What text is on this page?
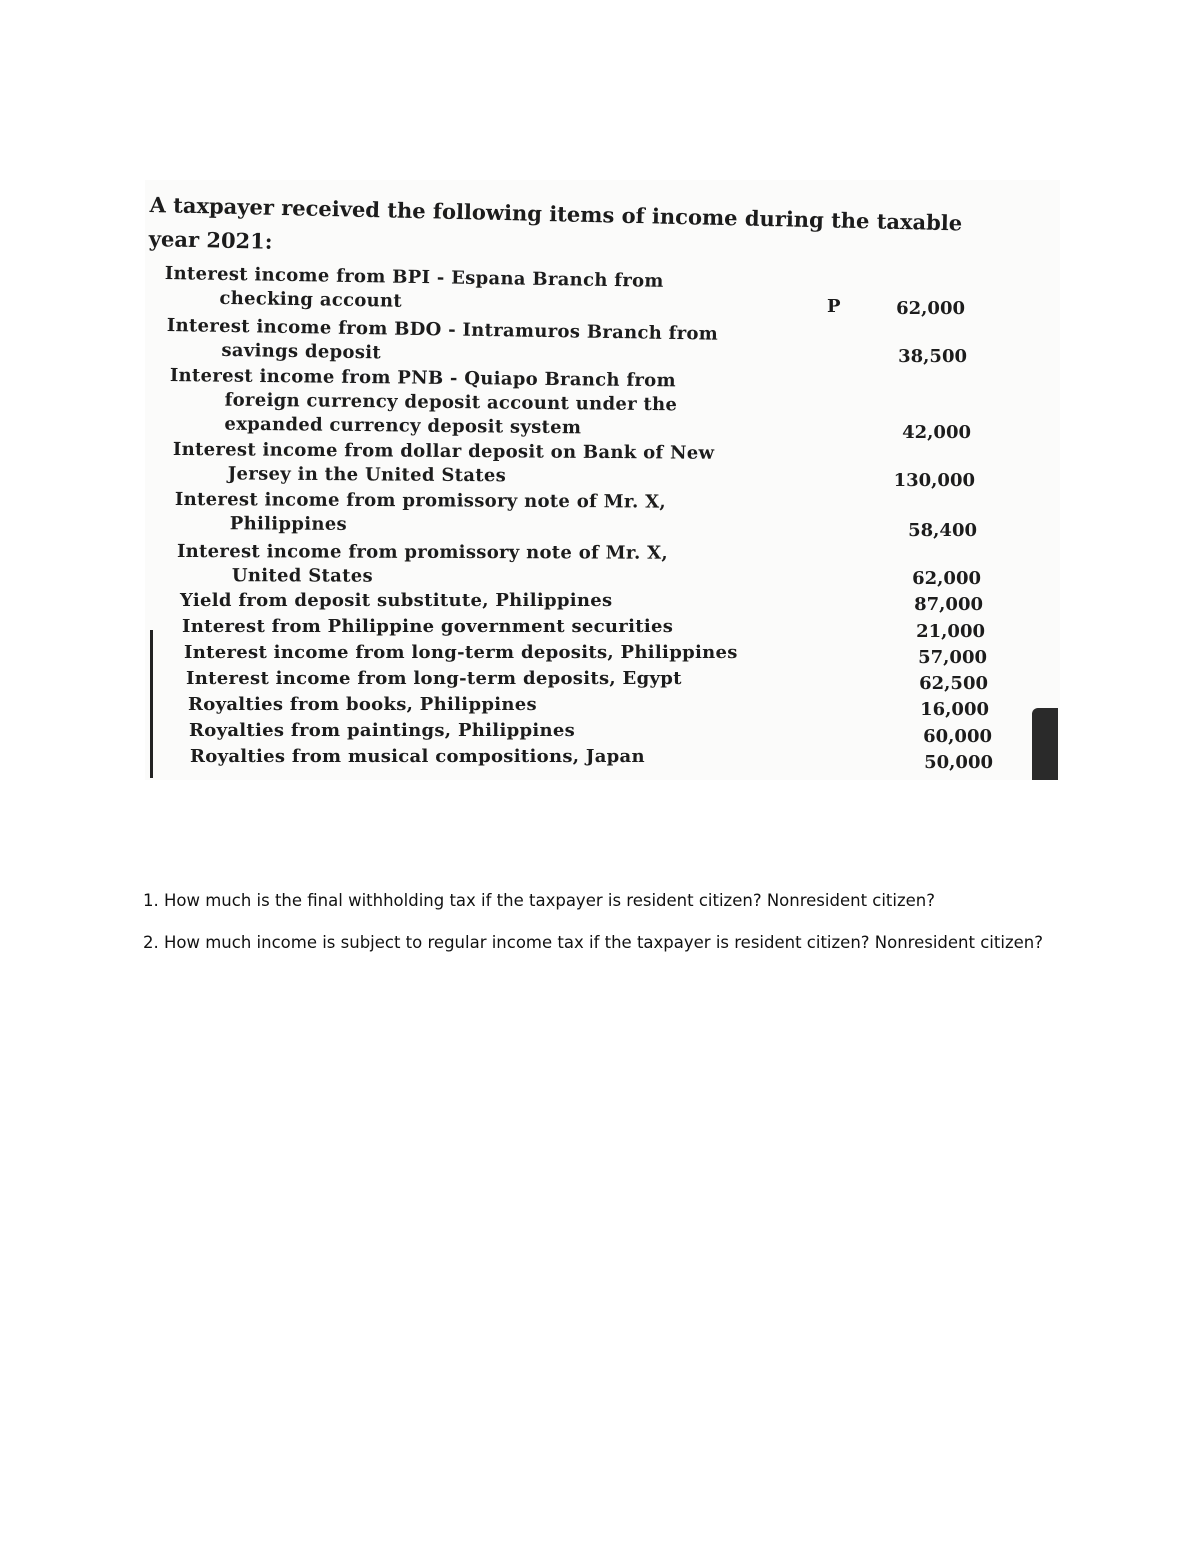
A taxpayer received the following items of income during the taxable year 2021:
Interest income from BPI - Espana Branch from
checking account	P	62,000
Interest income from BDO - Intramuros Branch from
savings deposit	38,500
Interest income from PNB - Quiapo Branch from
foreign currency deposit account under the
expanded currency deposit system	42,000
Interest income from dollar deposit on Bank of New
Jersey in the United States	130,000
Interest income from promissory note of Mr. X,
Philippines	58,400
Interest income from promissory note of Mr. X,
United States	62,000
Yield from deposit substitute, Philippines	87,000
Interest from Philippine government securities	21,000
Interest income from long-term deposits, Philippines	57,000
Interest income from long-term deposits, Egypt	62,500
Royalties from books, Philippines	16,000
Royalties from paintings, Philippines	60,000
Royalties from musical compositions, Japan	50,000

1. How much is the final withholding tax if the taxpayer is resident citizen? Nonresident citizen?

2. How much income is subject to regular income tax if the taxpayer is resident citizen? Nonresident citizen?
